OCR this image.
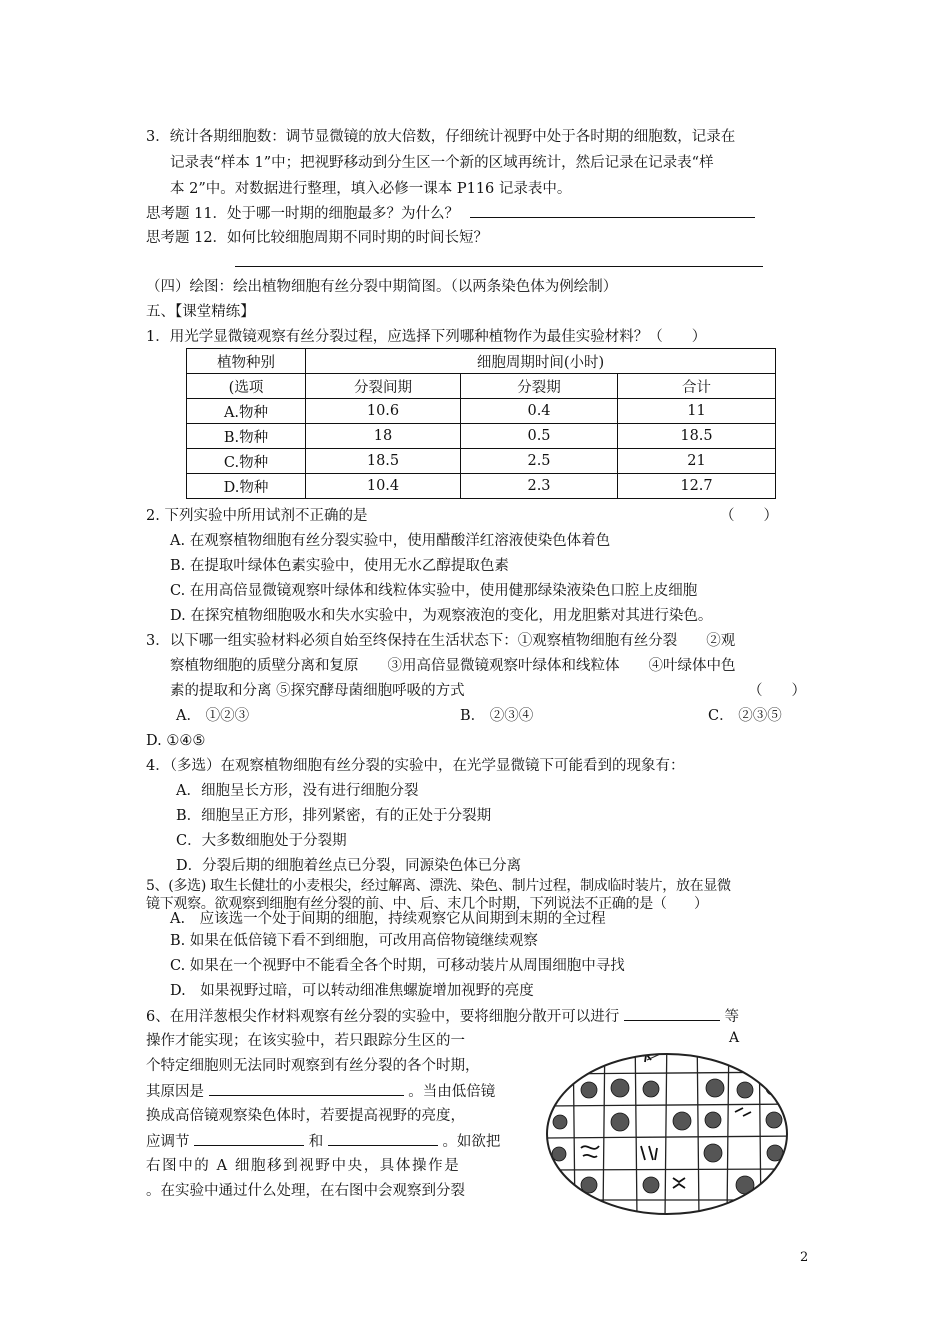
3．统计各期细胞数：调节显微镜的放大倍数，仔细统计视野中处于各时期的细胞数，记录在
记录表“样本 1”中；把视野移动到分生区一个新的区域再统计，然后记录在记录表“样
本 2”中。对数据进行整理，填入必修一课本 P116 记录表中。
思考题 11．处于哪一时期的细胞最多？为什么？
思考题 12．如何比较细胞周期不同时期的时间长短？
（四）绘图：绘出植物细胞有丝分裂中期简图。（以两条染色体为例绘制）
五、【课堂精练】
1．用光学显微镜观察有丝分裂过程，应选择下列哪种植物作为最佳实验材料？（　　）
植物种别	细胞周期时间(小时)		
(选项	分裂间期	分裂期	合计
A.物种	10.6	0.4	11
B.物种	18	0.5	18.5
C.物种	18.5	2.5	21
D.物种	10.4	2.3	12.7
2. 下列实验中所用试剂不正确的是	（　　）
A. 在观察植物细胞有丝分裂实验中，使用醋酸洋红溶液使染色体着色
B. 在提取叶绿体色素实验中，使用无水乙醇提取色素
C. 在用高倍显微镜观察叶绿体和线粒体实验中，使用健那绿染液染色口腔上皮细胞
D. 在探究植物细胞吸水和失水实验中，为观察液泡的变化，用龙胆紫对其进行染色。
3．以下哪一组实验材料必须自始至终保持在生活状态下：①观察植物细胞有丝分裂　　②观
察植物细胞的质壁分离和复原　　③用高倍显微镜观察叶绿体和线粒体　　④叶绿体中色
素的提取和分离 ⑤探究酵母菌细胞呼吸的方式	（　　）
A． ①②③	B． ②③④	C． ②③⑤
D. ①④⑤
4．（多选）在观察植物细胞有丝分裂的实验中，在光学显微镜下可能看到的现象有：
A．细胞呈长方形，没有进行细胞分裂
B．细胞呈正方形，排列紧密，有的正处于分裂期
C．大多数细胞处于分裂期
D．分裂后期的细胞着丝点已分裂，同源染色体已分离
5、(多选) 取生长健壮的小麦根尖，经过解离、漂洗、染色、制片过程，制成临时装片，放在显微
镜下观察。欲观察到细胞有丝分裂的前、中、后、末几个时期，下列说法不正确的是（　　）
A.　应该选一个处于间期的细胞，持续观察它从间期到末期的全过程
B. 如果在低倍镜下看不到细胞，可改用高倍物镜继续观察
C. 如果在一个视野中不能看全各个时期，可移动装片从周围细胞中寻找
D.　如果视野过暗，可以转动细准焦螺旋增加视野的亮度
6、在用洋葱根尖作材料观察有丝分裂的实验中，要将细胞分散开可以进行	等
操作才能实现；在该实验中，若只跟踪分生区的一
个特定细胞则无法同时观察到有丝分裂的各个时期，
其原因是	。当由低倍镜
换成高倍镜观察染色体时，若要提高视野的亮度，
应调节	和	。如欲把
右图中的 A 细胞移到视野中央，具体操作是
。在实验中通过什么处理，在右图中会观察到分裂
A
2
